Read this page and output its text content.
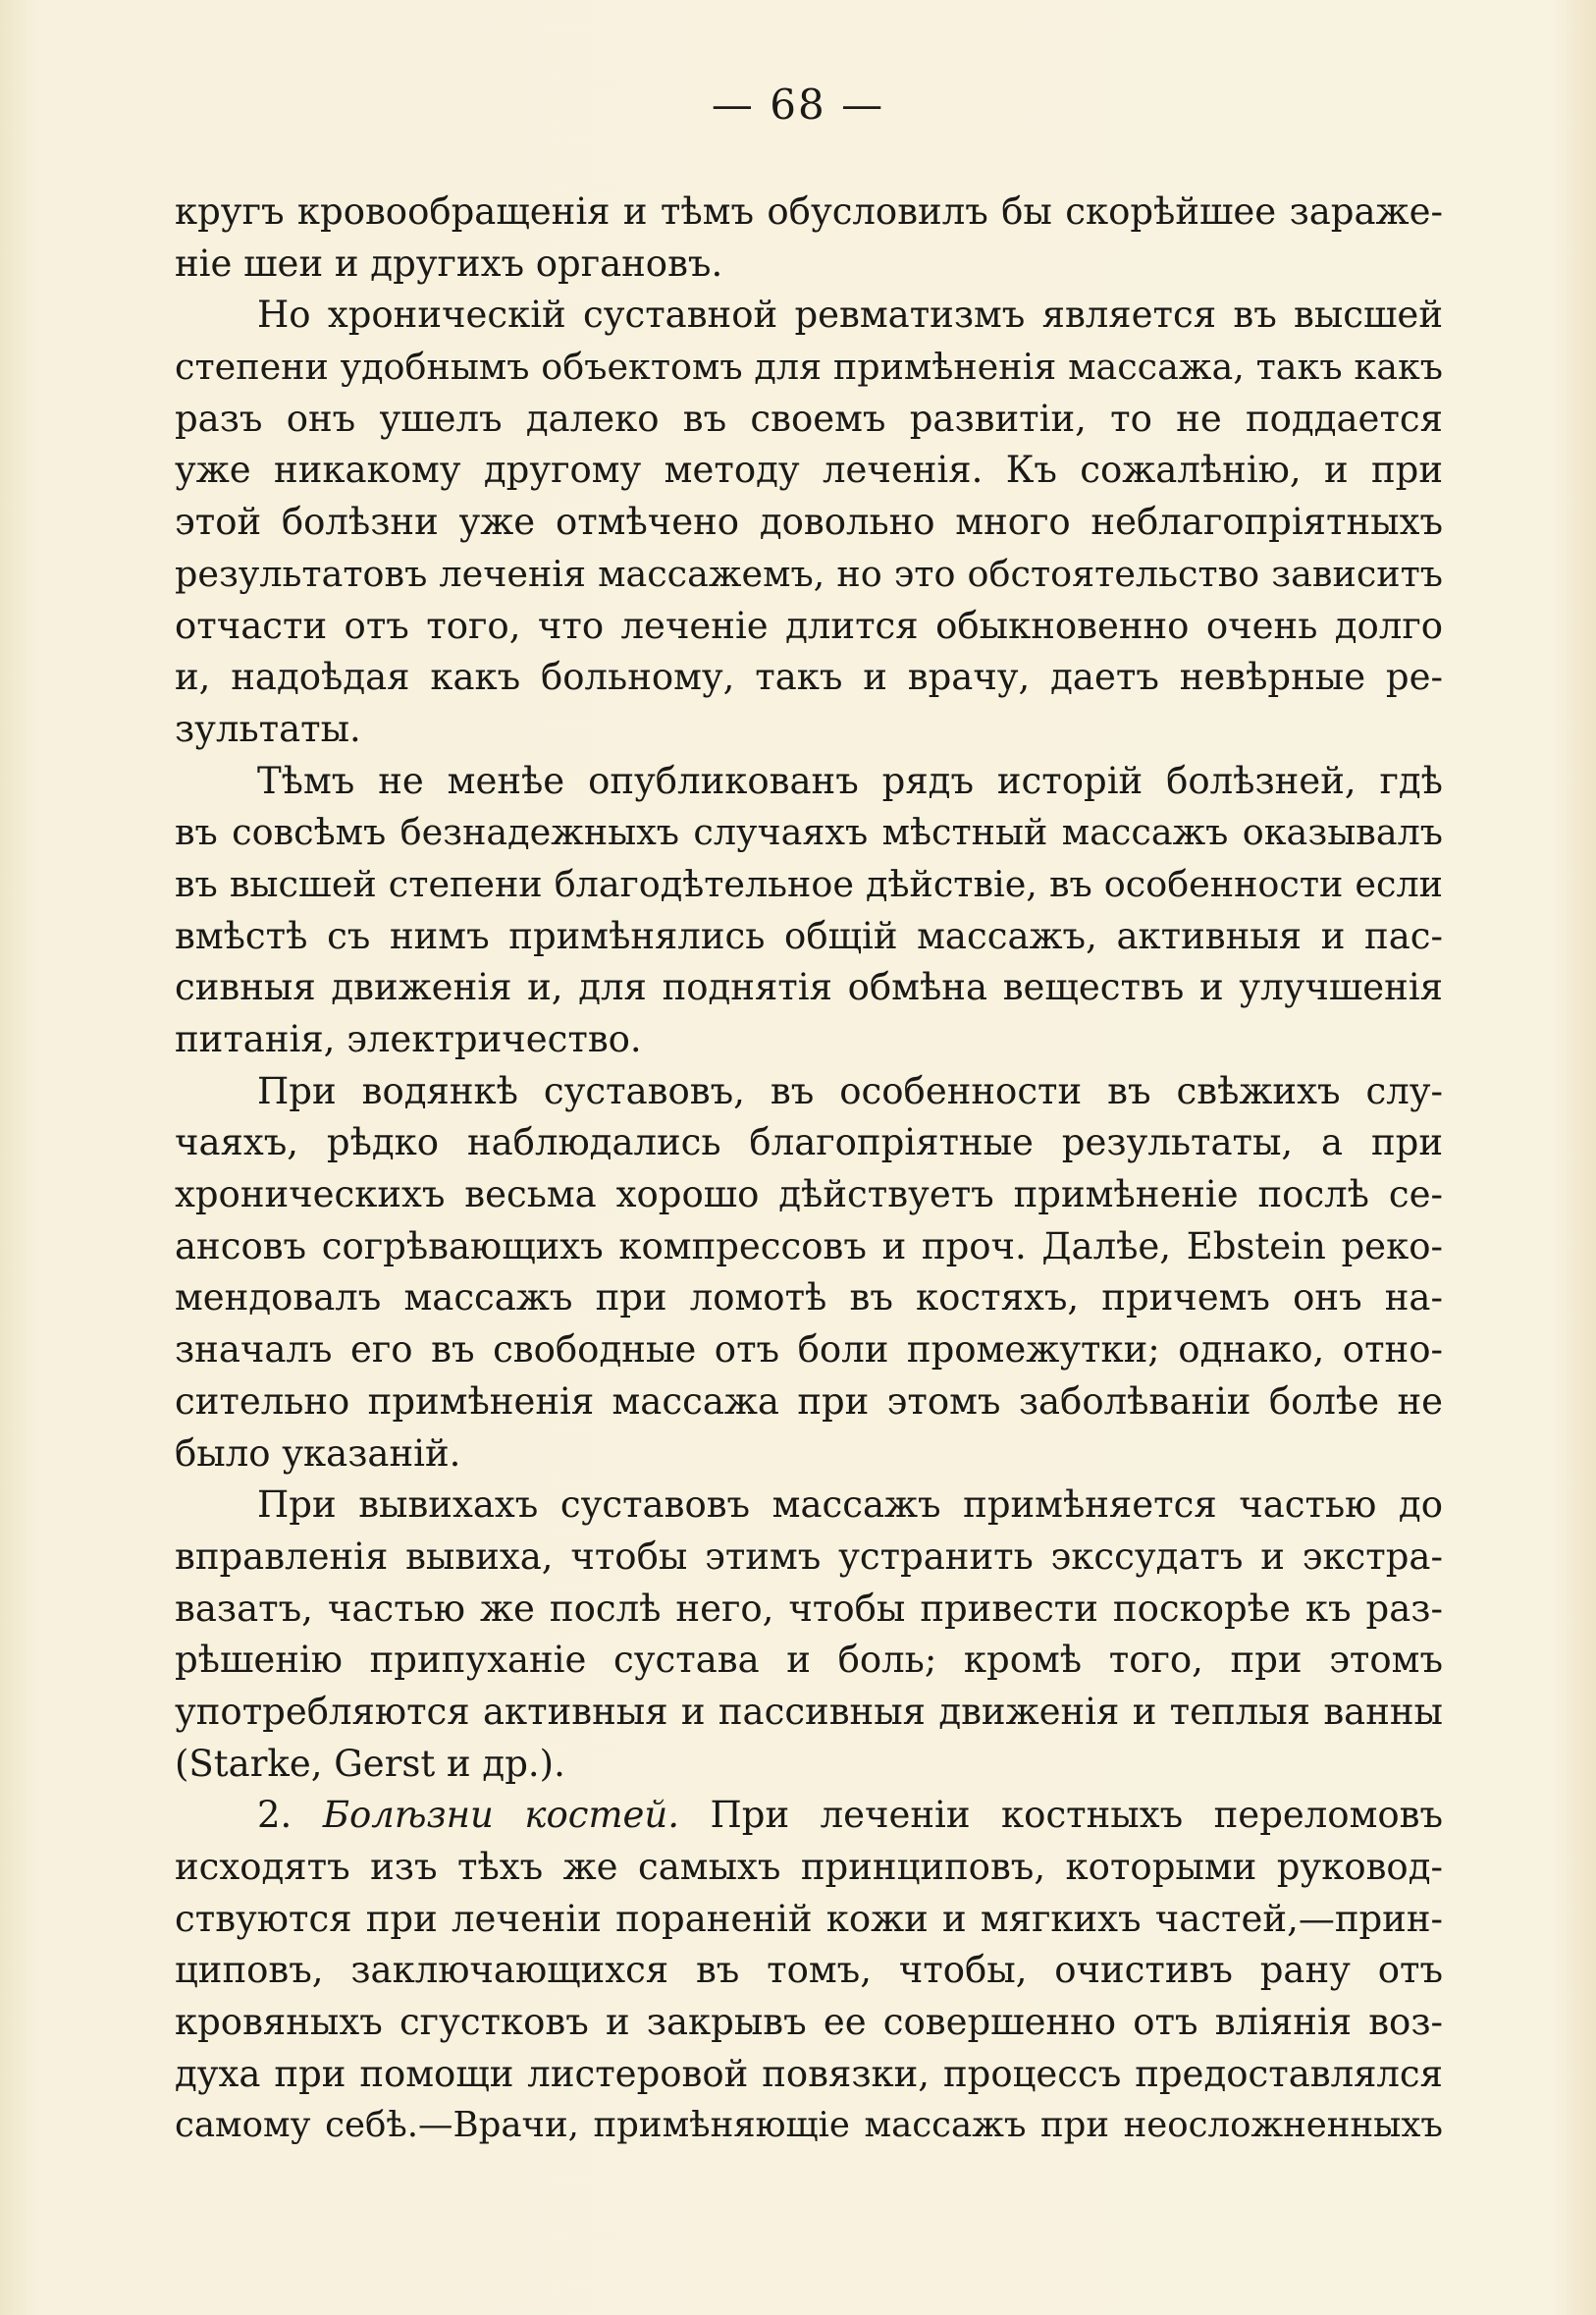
— 68 —
кругъ кровообращенія и тѣмъ обусловилъ бы скорѣйшее зараже-
ніе шеи и другихъ органовъ.
Но хроническій суставной ревматизмъ является въ высшей
степени удобнымъ объектомъ для примѣненія массажа, такъ какъ
разъ онъ ушелъ далеко въ своемъ развитіи, то не поддается
уже никакому другому методу леченія. Къ сожалѣнію, и при
этой болѣзни уже отмѣчено довольно много неблагопріятныхъ
результатовъ леченія массажемъ, но это обстоятельство зависитъ
отчасти отъ того, что леченіе длится обыкновенно очень долго
и, надоѣдая какъ больному, такъ и врачу, даетъ невѣрные ре-
зультаты.
Тѣмъ не менѣе опубликованъ рядъ исторій болѣзней, гдѣ
въ совсѣмъ безнадежныхъ случаяхъ мѣстный массажъ оказывалъ
въ высшей степени благодѣтельное дѣйствіе, въ особенности если
вмѣстѣ съ нимъ примѣнялись общій массажъ, активныя и пас-
сивныя движенія и, для поднятія обмѣна веществъ и улучшенія
питанія, электричество.
При водянкѣ суставовъ, въ особенности въ свѣжихъ слу-
чаяхъ, рѣдко наблюдались благопріятные результаты, а при
хроническихъ весьма хорошо дѣйствуетъ примѣненіе послѣ се-
ансовъ согрѣвающихъ компрессовъ и проч. Далѣе, Ebstein реко-
мендовалъ массажъ при ломотѣ въ костяхъ, причемъ онъ на-
значалъ его въ свободные отъ боли промежутки; однако, отно-
сительно примѣненія массажа при этомъ заболѣваніи болѣе не
было указаній.
При вывихахъ суставовъ массажъ примѣняется частью до
вправленія вывиха, чтобы этимъ устранить экссудатъ и экстра-
вазатъ, частью же послѣ него, чтобы привести поскорѣе къ раз-
рѣшенію припуханіе сустава и боль; кромѣ того, при этомъ
употребляются активныя и пассивныя движенія и теплыя ванны
(Starke, Gerst и др.).
2. Болѣзни костей. При леченіи костныхъ переломовъ
исходятъ изъ тѣхъ же самыхъ принциповъ, которыми руковод-
ствуются при леченіи пораненій кожи и мягкихъ частей,—прин-
циповъ, заключающихся въ томъ, чтобы, очистивъ рану отъ
кровяныхъ сгустковъ и закрывъ ее совершенно отъ вліянія воз-
духа при помощи листеровой повязки, процессъ предоставлялся
самому себѣ.—Врачи, примѣняющіе массажъ при неосложненныхъ
